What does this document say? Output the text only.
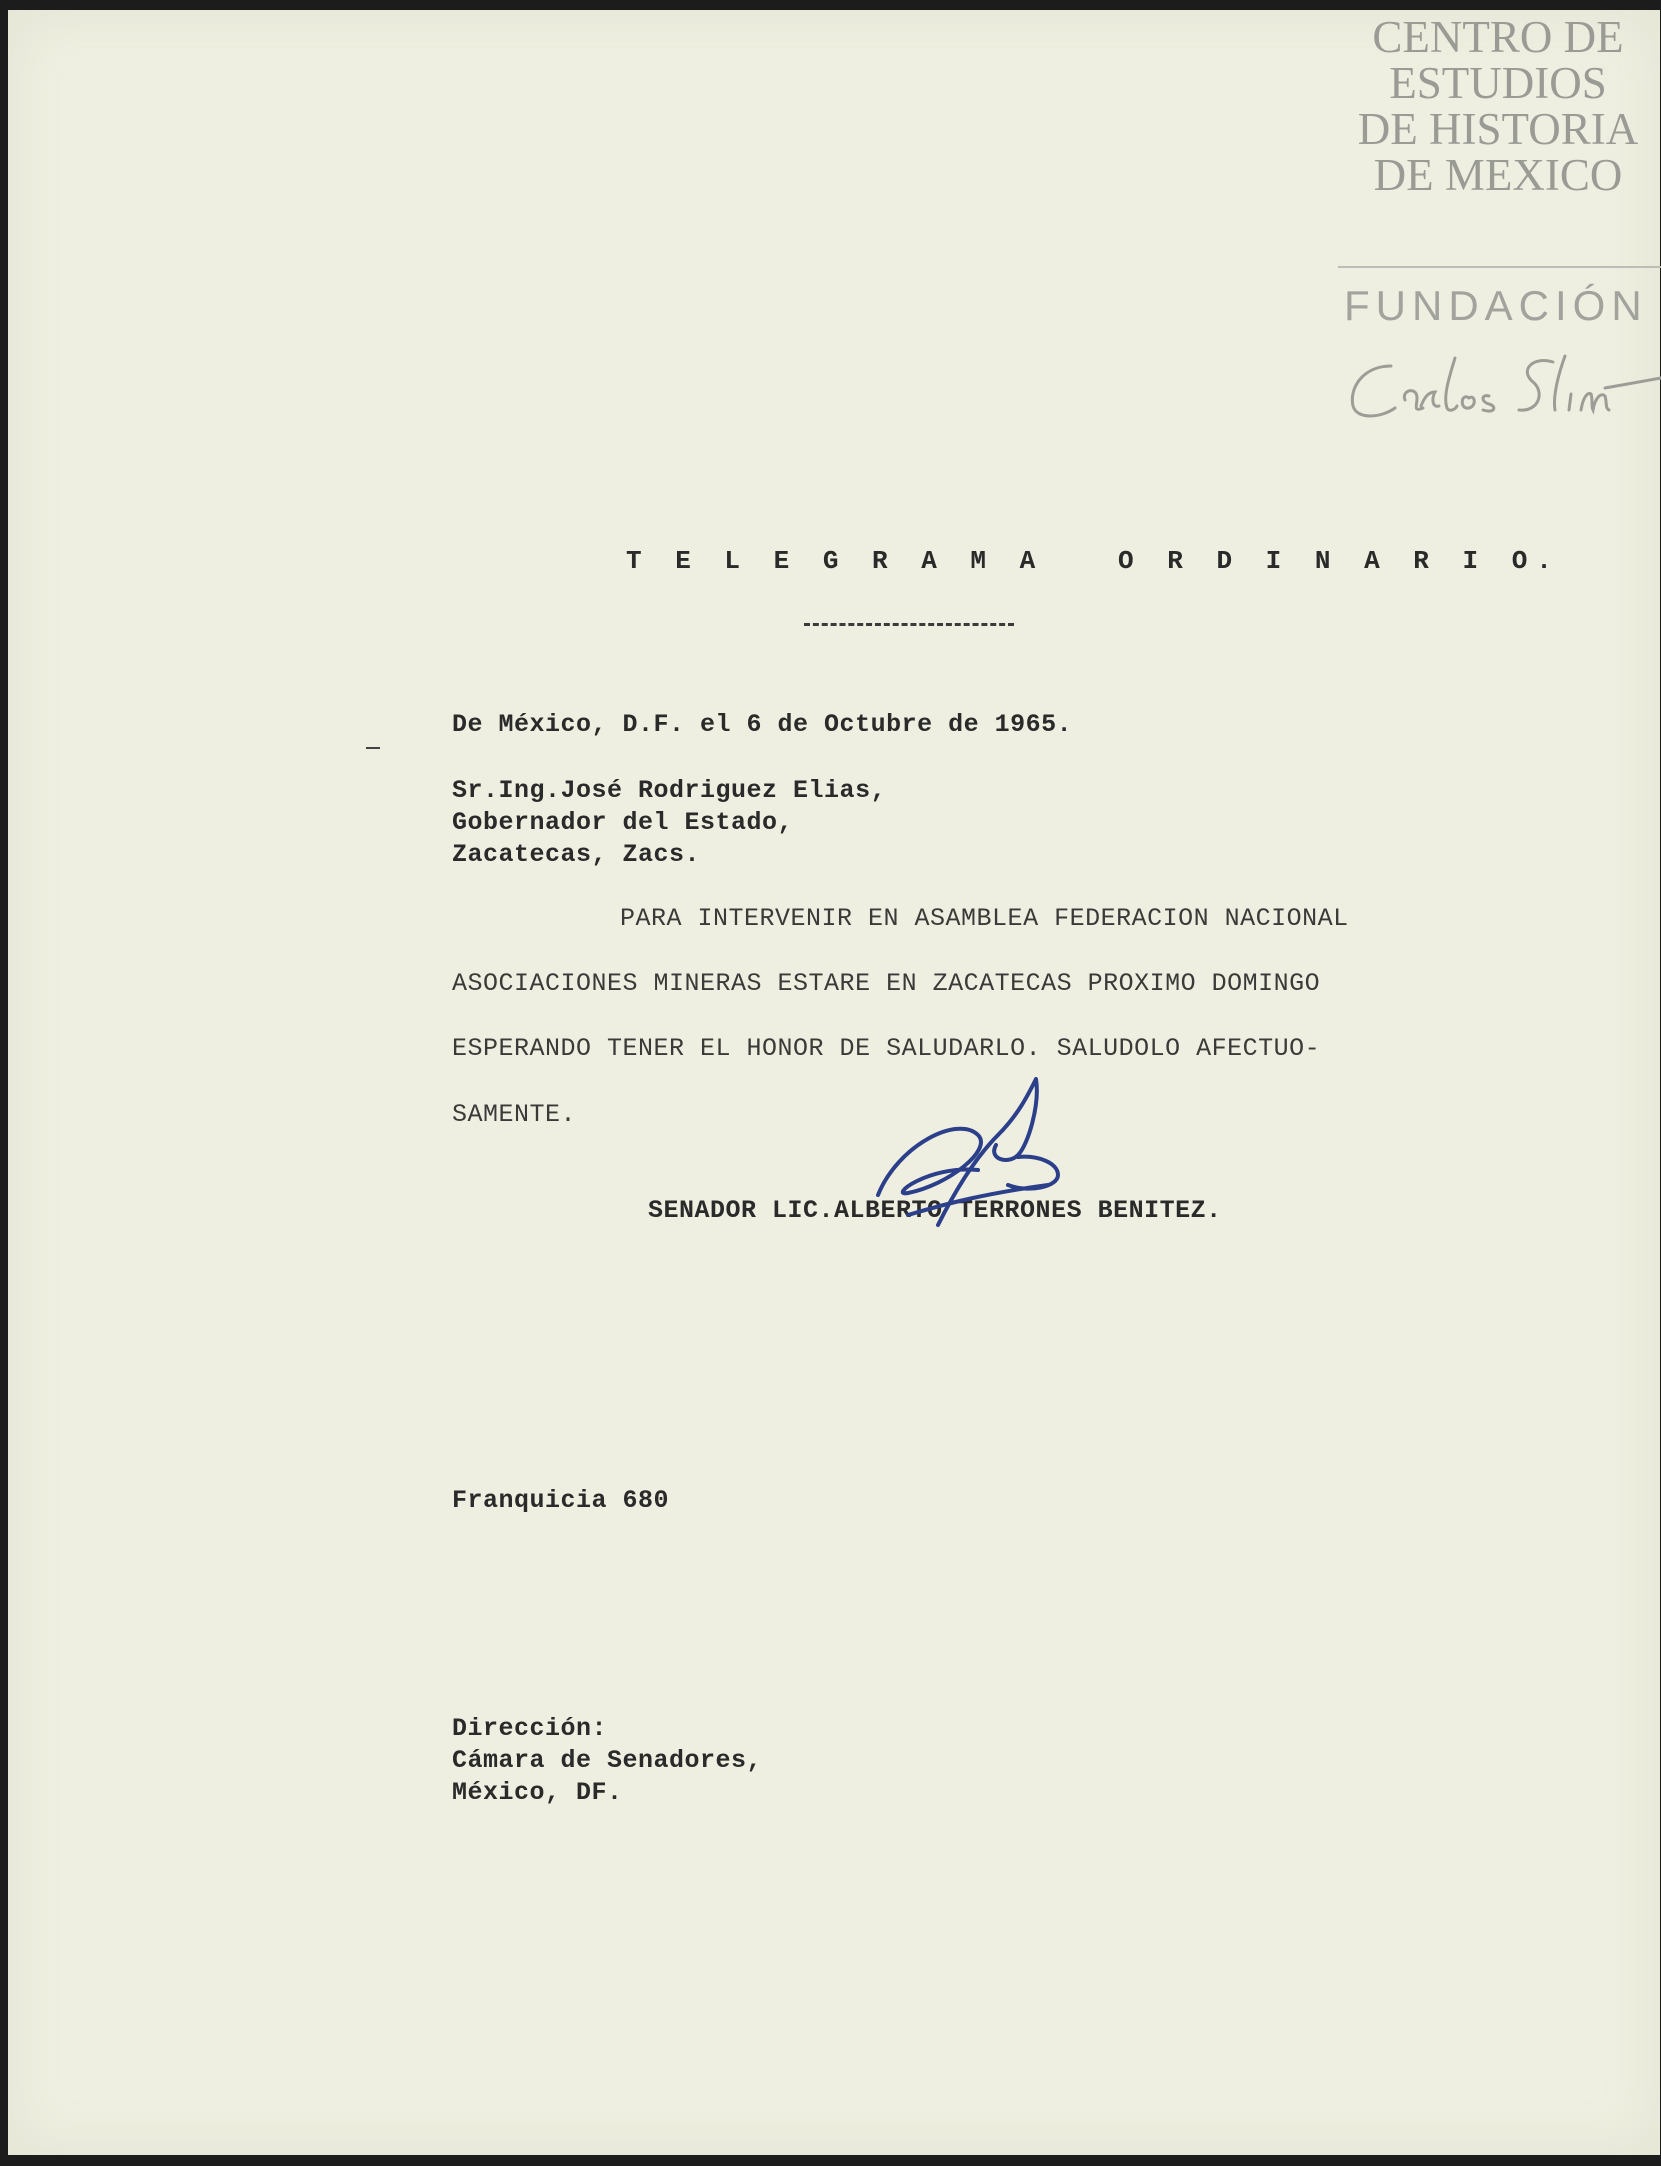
CENTRO DE
ESTUDIOS
DE HISTORIA
DE MEXICO
FUNDACIÓN
T E L E G R A M A   O R D I N A R I O.
De México, D.F. el 6 de Octubre de 1965.
Sr.Ing.José Rodriguez Elias,
Gobernador del Estado,
Zacatecas, Zacs.
PARA INTERVENIR EN ASAMBLEA FEDERACION NACIONAL
ASOCIACIONES MINERAS ESTARE EN ZACATECAS PROXIMO DOMINGO
ESPERANDO TENER EL HONOR DE SALUDARLO. SALUDOLO AFECTUO-
SAMENTE.
SENADOR LIC.ALBERTO TERRONES BENITEZ.
Franquicia 680
Dirección:
Cámara de Senadores,
México, DF.
